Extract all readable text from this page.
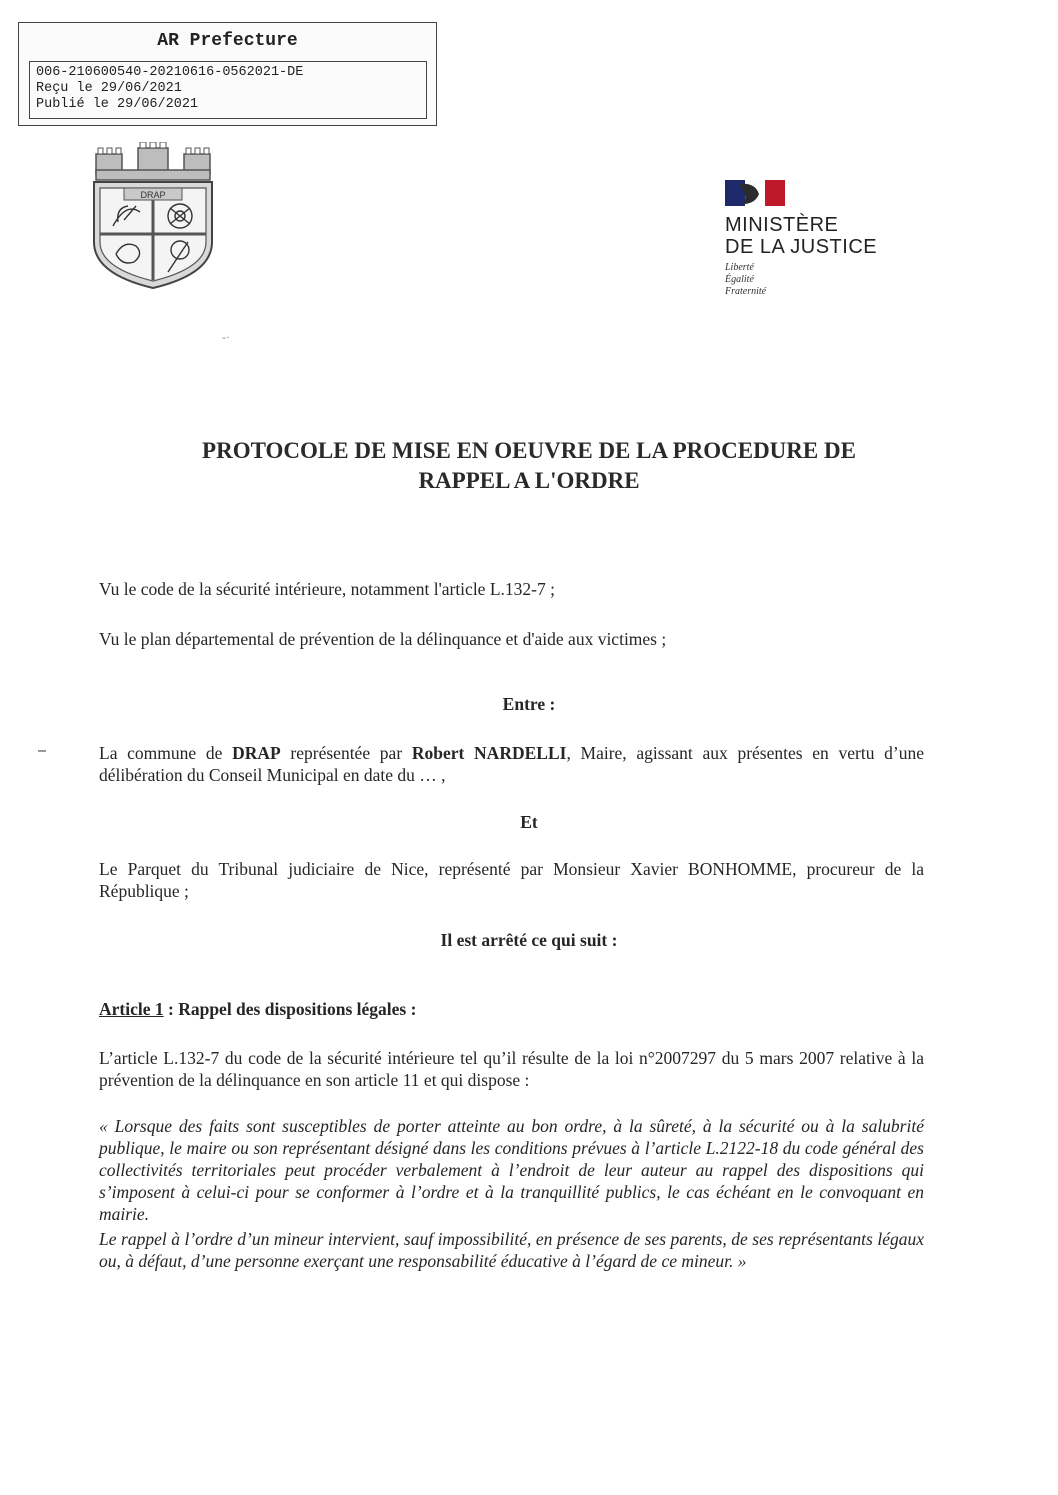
AR Prefecture
006-210600540-20210616-0562021-DE
Reçu le 29/06/2021
Publié le 29/06/2021
DRAP
MINISTÈRE
DE LA JUSTICE
Liberté
Égalité
Fraternité
-·
PROTOCOLE DE MISE EN OEUVRE DE LA PROCEDURE DE
RAPPEL A L'ORDRE
Vu le code de la sécurité intérieure, notamment l'article L.132-7 ;
Vu le plan départemental de prévention de la délinquance et d'aide aux victimes ;
Entre :
La commune de DRAP représentée par Robert NARDELLI, Maire, agissant aux présentes en vertu d’une délibération du Conseil Municipal en date du … ,
Et
Le Parquet du Tribunal judiciaire de Nice, représenté par Monsieur Xavier BONHOMME, procureur de la République ;
Il est arrêté ce qui suit :
Article 1 : Rappel des dispositions légales :
L’article L.132-7 du code de la sécurité intérieure tel qu’il résulte de la loi n°2007297 du 5 mars 2007 relative à la prévention de la délinquance en son article 11 et qui dispose :
« Lorsque des faits sont susceptibles de porter atteinte au bon ordre, à la sûreté, à la sécurité ou à la salubrité publique, le maire ou son représentant désigné dans les conditions prévues à l’article L.2122-18 du code général des collectivités territoriales peut procéder verbalement à l’endroit de leur auteur au rappel des dispositions qui s’imposent à celui-ci pour se conformer à l’ordre et à la tranquillité publics, le cas échéant en le convoquant en mairie.
Le rappel à l’ordre d’un mineur intervient, sauf impossibilité, en présence de ses parents, de ses représentants légaux ou, à défaut, d’une personne exerçant une responsabilité éducative à l’égard de ce mineur. »
